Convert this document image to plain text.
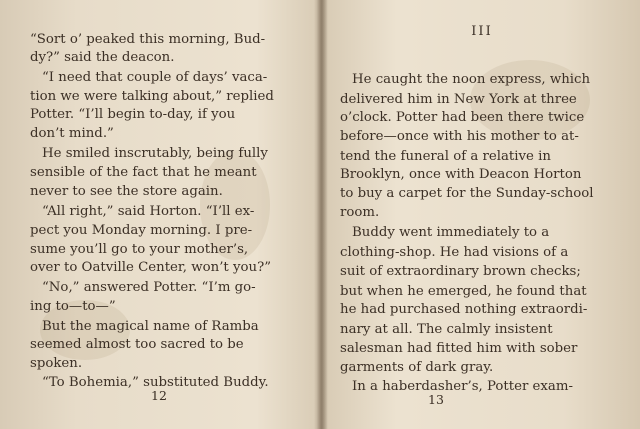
“Sort o’ peaked this morning, Bud-
dy?” said the deacon.
“I need that couple of days’ vaca-
tion we were talking about,” replied
Potter. “I’ll begin to-day, if you
don’t mind.”
He smiled inscrutably, being fully
sensible of the fact that he meant
never to see the store again.
“All right,” said Horton. “I’ll ex-
pect you Monday morning. I pre-
sume you’ll go to your mother’s,
over to Oatville Center, won’t you?”
“No,” answered Potter. “I’m go-
ing to—to—”
But the magical name of Ramba
seemed almost too sacred to be
spoken.
“To Bohemia,” substituted Buddy.
12
III
He caught the noon express, which
delivered him in New York at three
o’clock. Potter had been there twice
before—once with his mother to at-
tend the funeral of a relative in
Brooklyn, once with Deacon Horton
to buy a carpet for the Sunday-school
room.
Buddy went immediately to a
clothing-shop. He had visions of a
suit of extraordinary brown checks;
but when he emerged, he found that
he had purchased nothing extraordi-
nary at all. The calmly insistent
salesman had fitted him with sober
garments of dark gray.
In a haberdasher’s, Potter exam-
13
